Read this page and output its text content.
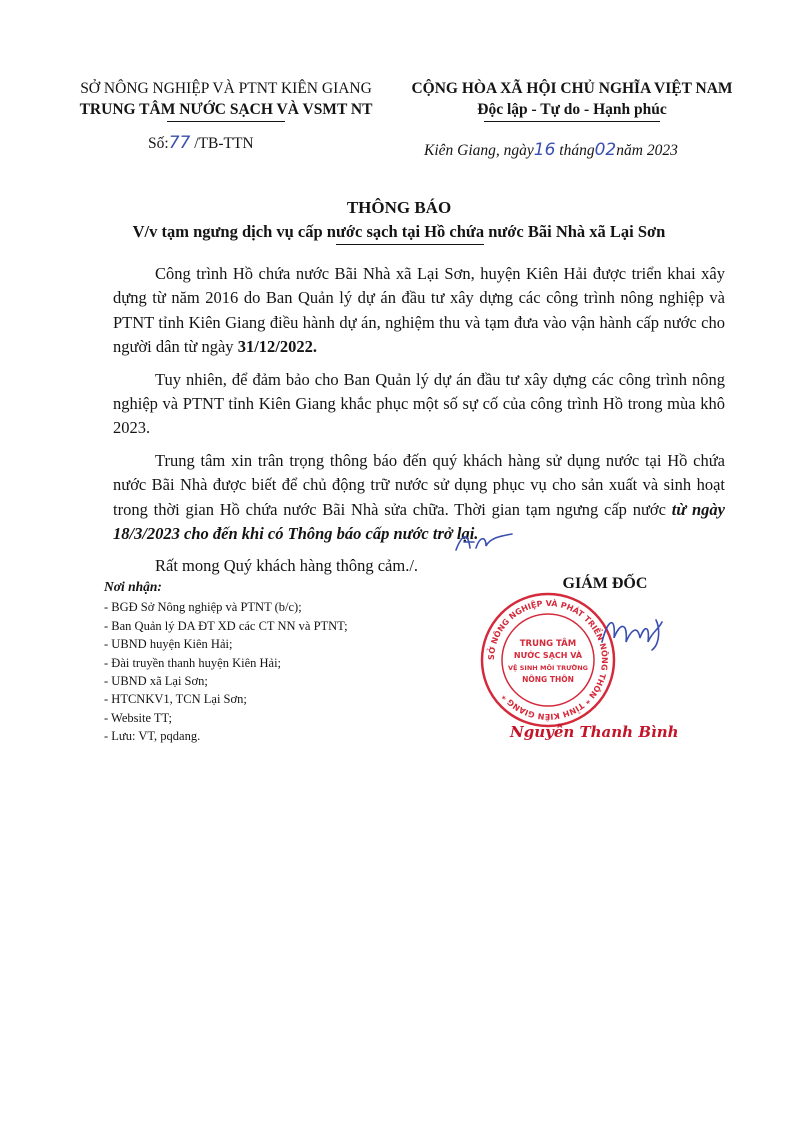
SỞ NÔNG NGHIỆP VÀ PTNT KIÊN GIANG
TRUNG TÂM NƯỚC SẠCH VÀ VSMT NT
CỘNG HÒA XÃ HỘI CHỦ NGHĨA VIỆT NAM
Độc lập - Tự do - Hạnh phúc
Số:77 /TB-TTN	Kiên Giang, ngày16 tháng02năm 2023
THÔNG BÁO
V/v tạm ngưng dịch vụ cấp nước sạch tại Hồ chứa nước Bãi Nhà xã Lại Sơn

Công trình Hồ chứa nước Bãi Nhà xã Lại Sơn, huyện Kiên Hải được triển khai xây dựng từ năm 2016 do Ban Quản lý dự án đầu tư xây dựng các công trình nông nghiệp và PTNT tỉnh Kiên Giang điều hành dự án, nghiệm thu và tạm đưa vào vận hành cấp nước cho người dân từ ngày 31/12/2022.

Tuy nhiên, để đảm bảo cho Ban Quản lý dự án đầu tư xây dựng các công trình nông nghiệp và PTNT tỉnh Kiên Giang khắc phục một số sự cố của công trình Hồ trong mùa khô 2023.

Trung tâm xin trân trọng thông báo đến quý khách hàng sử dụng nước tại Hồ chứa nước Bãi Nhà được biết để chủ động trữ nước sử dụng phục vụ cho sản xuất và sinh hoạt trong thời gian Hồ chứa nước Bãi Nhà sửa chữa. Thời gian tạm ngưng cấp nước từ ngày 18/3/2023 cho đến khi có Thông báo cấp nước trở lại.

Rất mong Quý khách hàng thông cảm./.

Nơi nhận:
- BGĐ Sở Nông nghiệp và PTNT (b/c);
- Ban Quản lý DA ĐT XD các CT NN và PTNT;
- UBND huyện Kiên Hải;
- Đài truyền thanh huyện Kiên Hải;
- UBND xã Lại Sơn;
- HTCNKV1, TCN Lại Sơn;
- Website TT;
- Lưu: VT, pqdang.
GIÁM ĐỐC
SỞ NÔNG NGHIỆP VÀ PHÁT TRIỂN NÔNG THÔN * TỈNH KIÊN GIANG *
TRUNG TÂM
NƯỚC SẠCH VÀ
VỆ SINH MÔI TRƯỜNG
NÔNG THÔN
Nguyễn Thanh Bình
